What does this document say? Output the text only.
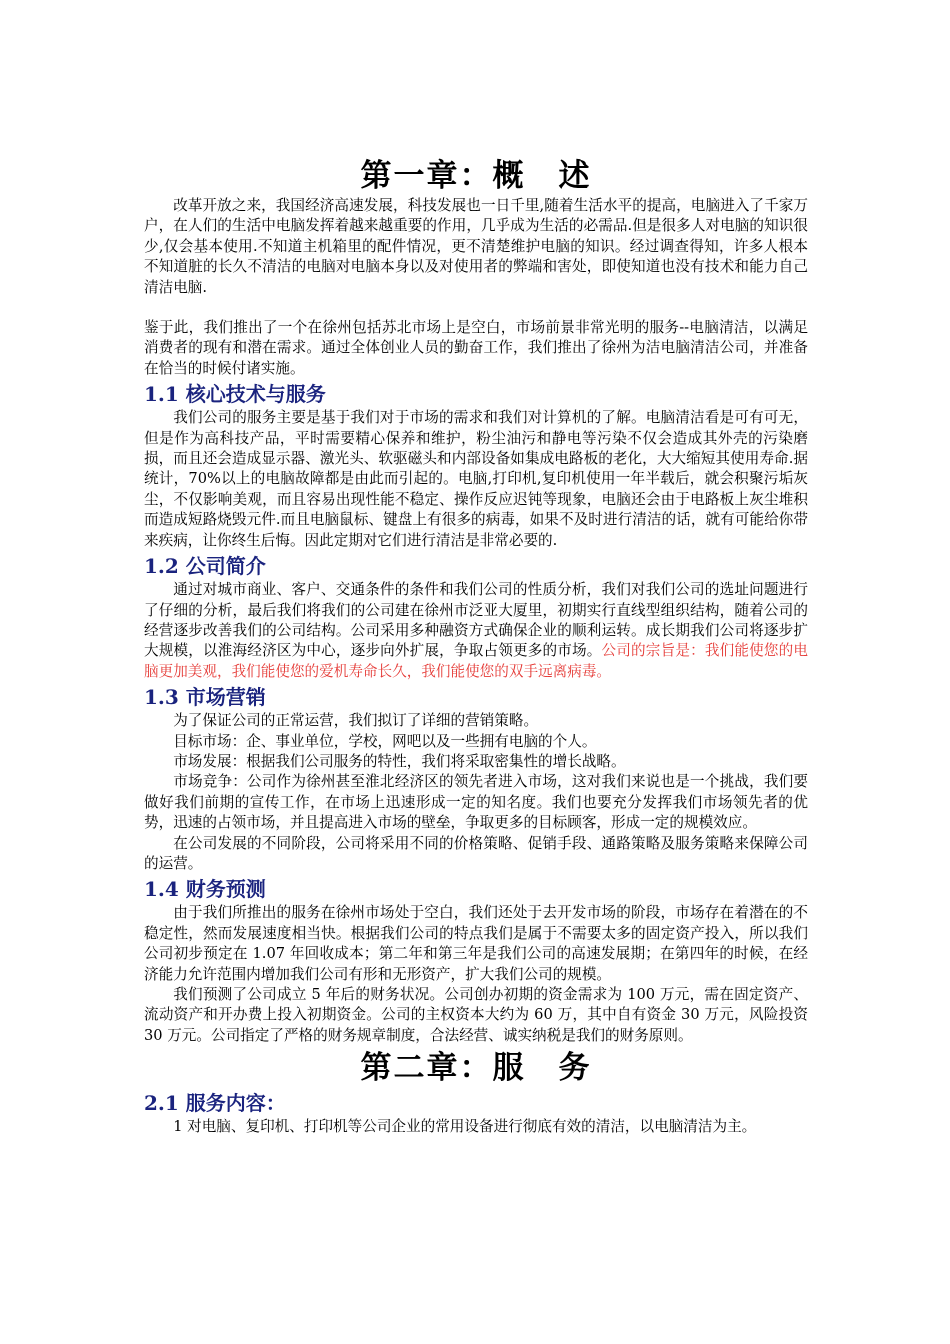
第一章：概　述

改革开放之来，我国经济高速发展，科技发展也一日千里,随着生活水平的提高，电脑进入了千家万户，在人们的生活中电脑发挥着越来越重要的作用，几乎成为生活的必需品.但是很多人对电脑的知识很少,仅会基本使用.不知道主机箱里的配件情况，更不清楚维护电脑的知识。经过调查得知，许多人根本不知道脏的长久不清洁的电脑对电脑本身以及对使用者的弊端和害处，即使知道也没有技术和能力自己清洁电脑.

鉴于此，我们推出了一个在徐州包括苏北市场上是空白，市场前景非常光明的服务--电脑清洁，以满足消费者的现有和潜在需求。通过全体创业人员的勤奋工作，我们推出了徐州为洁电脑清洁公司，并准备在恰当的时候付诸实施。

1.1 核心技术与服务

我们公司的服务主要是基于我们对于市场的需求和我们对计算机的了解。电脑清洁看是可有可无，但是作为高科技产品，平时需要精心保养和维护，粉尘油污和静电等污染不仅会造成其外壳的污染磨损，而且还会造成显示器、激光头、软驱磁头和内部设备如集成电路板的老化，大大缩短其使用寿命.据统计，70%以上的电脑故障都是由此而引起的。电脑,打印机,复印机使用一年半载后，就会积聚污垢灰尘，不仅影响美观，而且容易出现性能不稳定、操作反应迟钝等现象，电脑还会由于电路板上灰尘堆积而造成短路烧毁元件.而且电脑鼠标、键盘上有很多的病毒，如果不及时进行清洁的话，就有可能给你带来疾病，让你终生后悔。因此定期对它们进行清洁是非常必要的.

1.2 公司简介

通过对城市商业、客户、交通条件的条件和我们公司的性质分析，我们对我们公司的选址问题进行了仔细的分析，最后我们将我们的公司建在徐州市泛亚大厦里，初期实行直线型组织结构，随着公司的经营逐步改善我们的公司结构。公司采用多种融资方式确保企业的顺利运转。成长期我们公司将逐步扩大规模，以淮海经济区为中心，逐步向外扩展，争取占领更多的市场。公司的宗旨是：我们能使您的电脑更加美观，我们能使您的爱机寿命长久，我们能使您的双手远离病毒。

1.3 市场营销

为了保证公司的正常运营，我们拟订了详细的营销策略。

目标市场：企、事业单位，学校，网吧以及一些拥有电脑的个人。

市场发展：根据我们公司服务的特性，我们将采取密集性的增长战略。

市场竞争：公司作为徐州甚至淮北经济区的领先者进入市场，这对我们来说也是一个挑战，我们要做好我们前期的宣传工作，在市场上迅速形成一定的知名度。我们也要充分发挥我们市场领先者的优势，迅速的占领市场，并且提高进入市场的壁垒，争取更多的目标顾客，形成一定的规模效应。

在公司发展的不同阶段，公司将采用不同的价格策略、促销手段、通路策略及服务策略来保障公司的运营。

1.4 财务预测

由于我们所推出的服务在徐州市场处于空白，我们还处于去开发市场的阶段，市场存在着潜在的不稳定性，然而发展速度相当快。根据我们公司的特点我们是属于不需要太多的固定资产投入，所以我们公司初步预定在 1.07 年回收成本；第二年和第三年是我们公司的高速发展期；在第四年的时候，在经济能力允许范围内增加我们公司有形和无形资产，扩大我们公司的规模。

我们预测了公司成立 5 年后的财务状况。公司创办初期的资金需求为 100 万元，需在固定资产、流动资产和开办费上投入初期资金。公司的主权资本大约为 60 万，其中自有资金 30 万元，风险投资 30 万元。公司指定了严格的财务规章制度，合法经营、诚实纳税是我们的财务原则。

第二章：服　务
2.1 服务内容：

1 对电脑、复印机、打印机等公司企业的常用设备进行彻底有效的清洁，以电脑清洁为主。
